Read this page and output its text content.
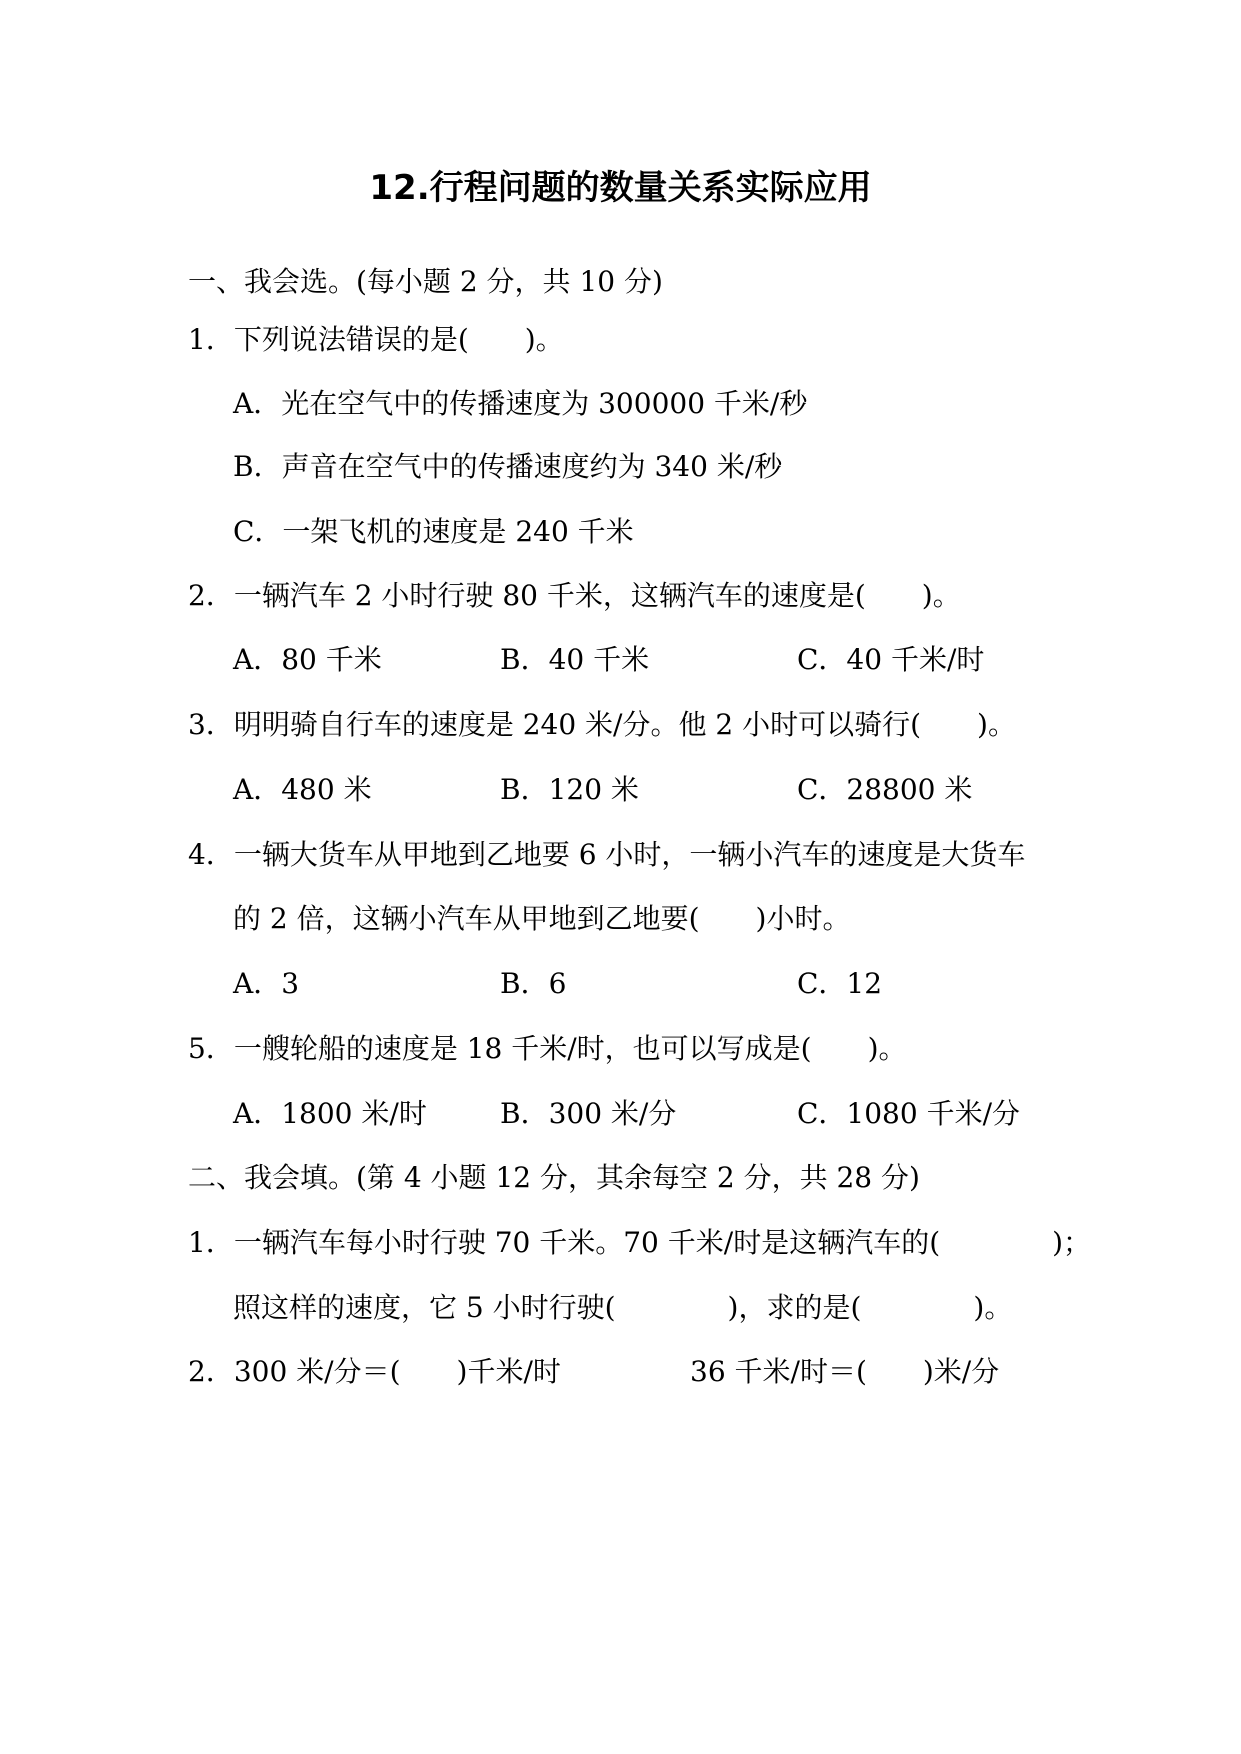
12.行程问题的数量关系实际应用
一、我会选。(每小题 2 分，共 10 分)
1．下列说法错误的是(　　)。
A．光在空气中的传播速度为 300000 千米/秒
B．声音在空气中的传播速度约为 340 米/秒
C．一架飞机的速度是 240 千米
2．一辆汽车 2 小时行驶 80 千米，这辆汽车的速度是(　　)。
A．80 千米	B．40 千米	C．40 千米/时
3．明明骑自行车的速度是 240 米/分。他 2 小时可以骑行(　　)。
A．480 米	B．120 米	C．28800 米
4．一辆大货车从甲地到乙地要 6 小时，一辆小汽车的速度是大货车
的 2 倍，这辆小汽车从甲地到乙地要(　　)小时。
A．3	B．6	C．12
5．一艘轮船的速度是 18 千米/时，也可以写成是(　　)。
A．1800 米/时	B．300 米/分	C．1080 千米/分
二、我会填。(第 4 小题 12 分，其余每空 2 分，共 28 分)
1．一辆汽车每小时行驶 70 千米。70 千米/时是这辆汽车的(　　　　)；
照这样的速度，它 5 小时行驶(　　　　)，求的是(　　　　)。
2．300 米/分＝(　　)千米/时	36 千米/时＝(　　)米/分
